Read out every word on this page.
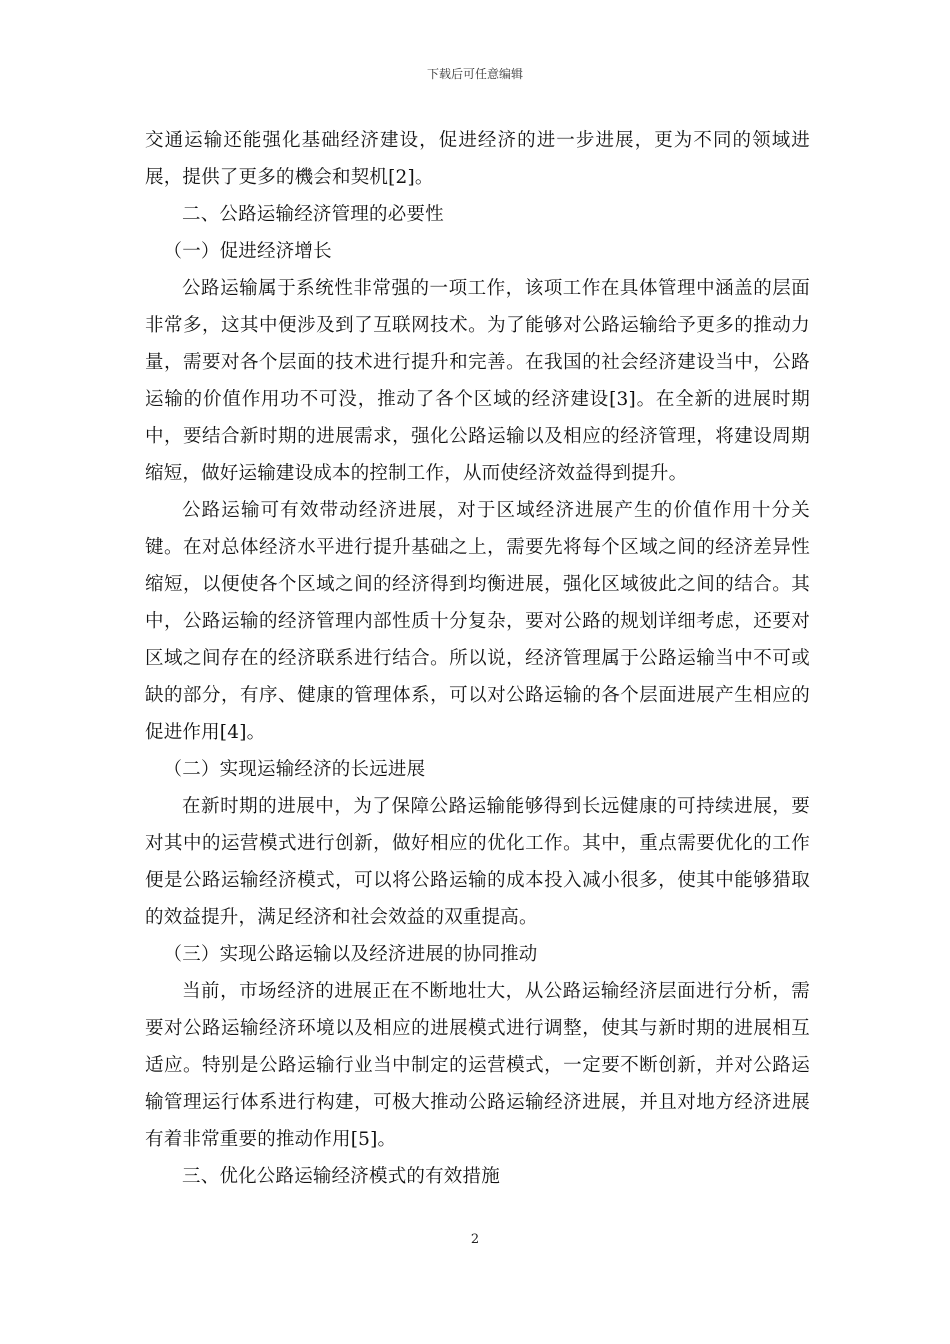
下载后可任意编辑

交通运输还能强化基础经济建设，促进经济的进一步进展，更为不同的领域进展，提供了更多的機会和契机[2]。

二、公路运输经济管理的必要性

（一）促进经济增长

公路运输属于系统性非常强的一项工作，该项工作在具体管理中涵盖的层面非常多，这其中便涉及到了互联网技术。为了能够对公路运输给予更多的推动力量，需要对各个层面的技术进行提升和完善。在我国的社会经济建设当中，公路运输的价值作用功不可没，推动了各个区域的经济建设[3]。在全新的进展时期中，要结合新时期的进展需求，强化公路运输以及相应的经济管理，将建设周期缩短，做好运输建设成本的控制工作，从而使经济效益得到提升。

公路运输可有效带动经济进展，对于区域经济进展产生的价值作用十分关键。在对总体经济水平进行提升基础之上，需要先将每个区域之间的经济差异性缩短，以便使各个区域之间的经济得到均衡进展，强化区域彼此之间的结合。其中，公路运输的经济管理内部性质十分复杂，要对公路的规划详细考虑，还要对区域之间存在的经济联系进行结合。所以说，经济管理属于公路运输当中不可或缺的部分，有序、健康的管理体系，可以对公路运输的各个层面进展产生相应的促进作用[4]。

（二）实现运输经济的长远进展

在新时期的进展中，为了保障公路运输能够得到长远健康的可持续进展，要对其中的运营模式进行创新，做好相应的优化工作。其中，重点需要优化的工作便是公路运输经济模式，可以将公路运输的成本投入减小很多，使其中能够猎取的效益提升，满足经济和社会效益的双重提高。

（三）实现公路运输以及经济进展的协同推动

当前，市场经济的进展正在不断地壮大，从公路运输经济层面进行分析，需要对公路运输经济环境以及相应的进展模式进行调整，使其与新时期的进展相互适应。特别是公路运输行业当中制定的运营模式，一定要不断创新，并对公路运输管理运行体系进行构建，可极大推动公路运输经济进展，并且对地方经济进展有着非常重要的推动作用[5]。

三、优化公路运输经济模式的有效措施

2
